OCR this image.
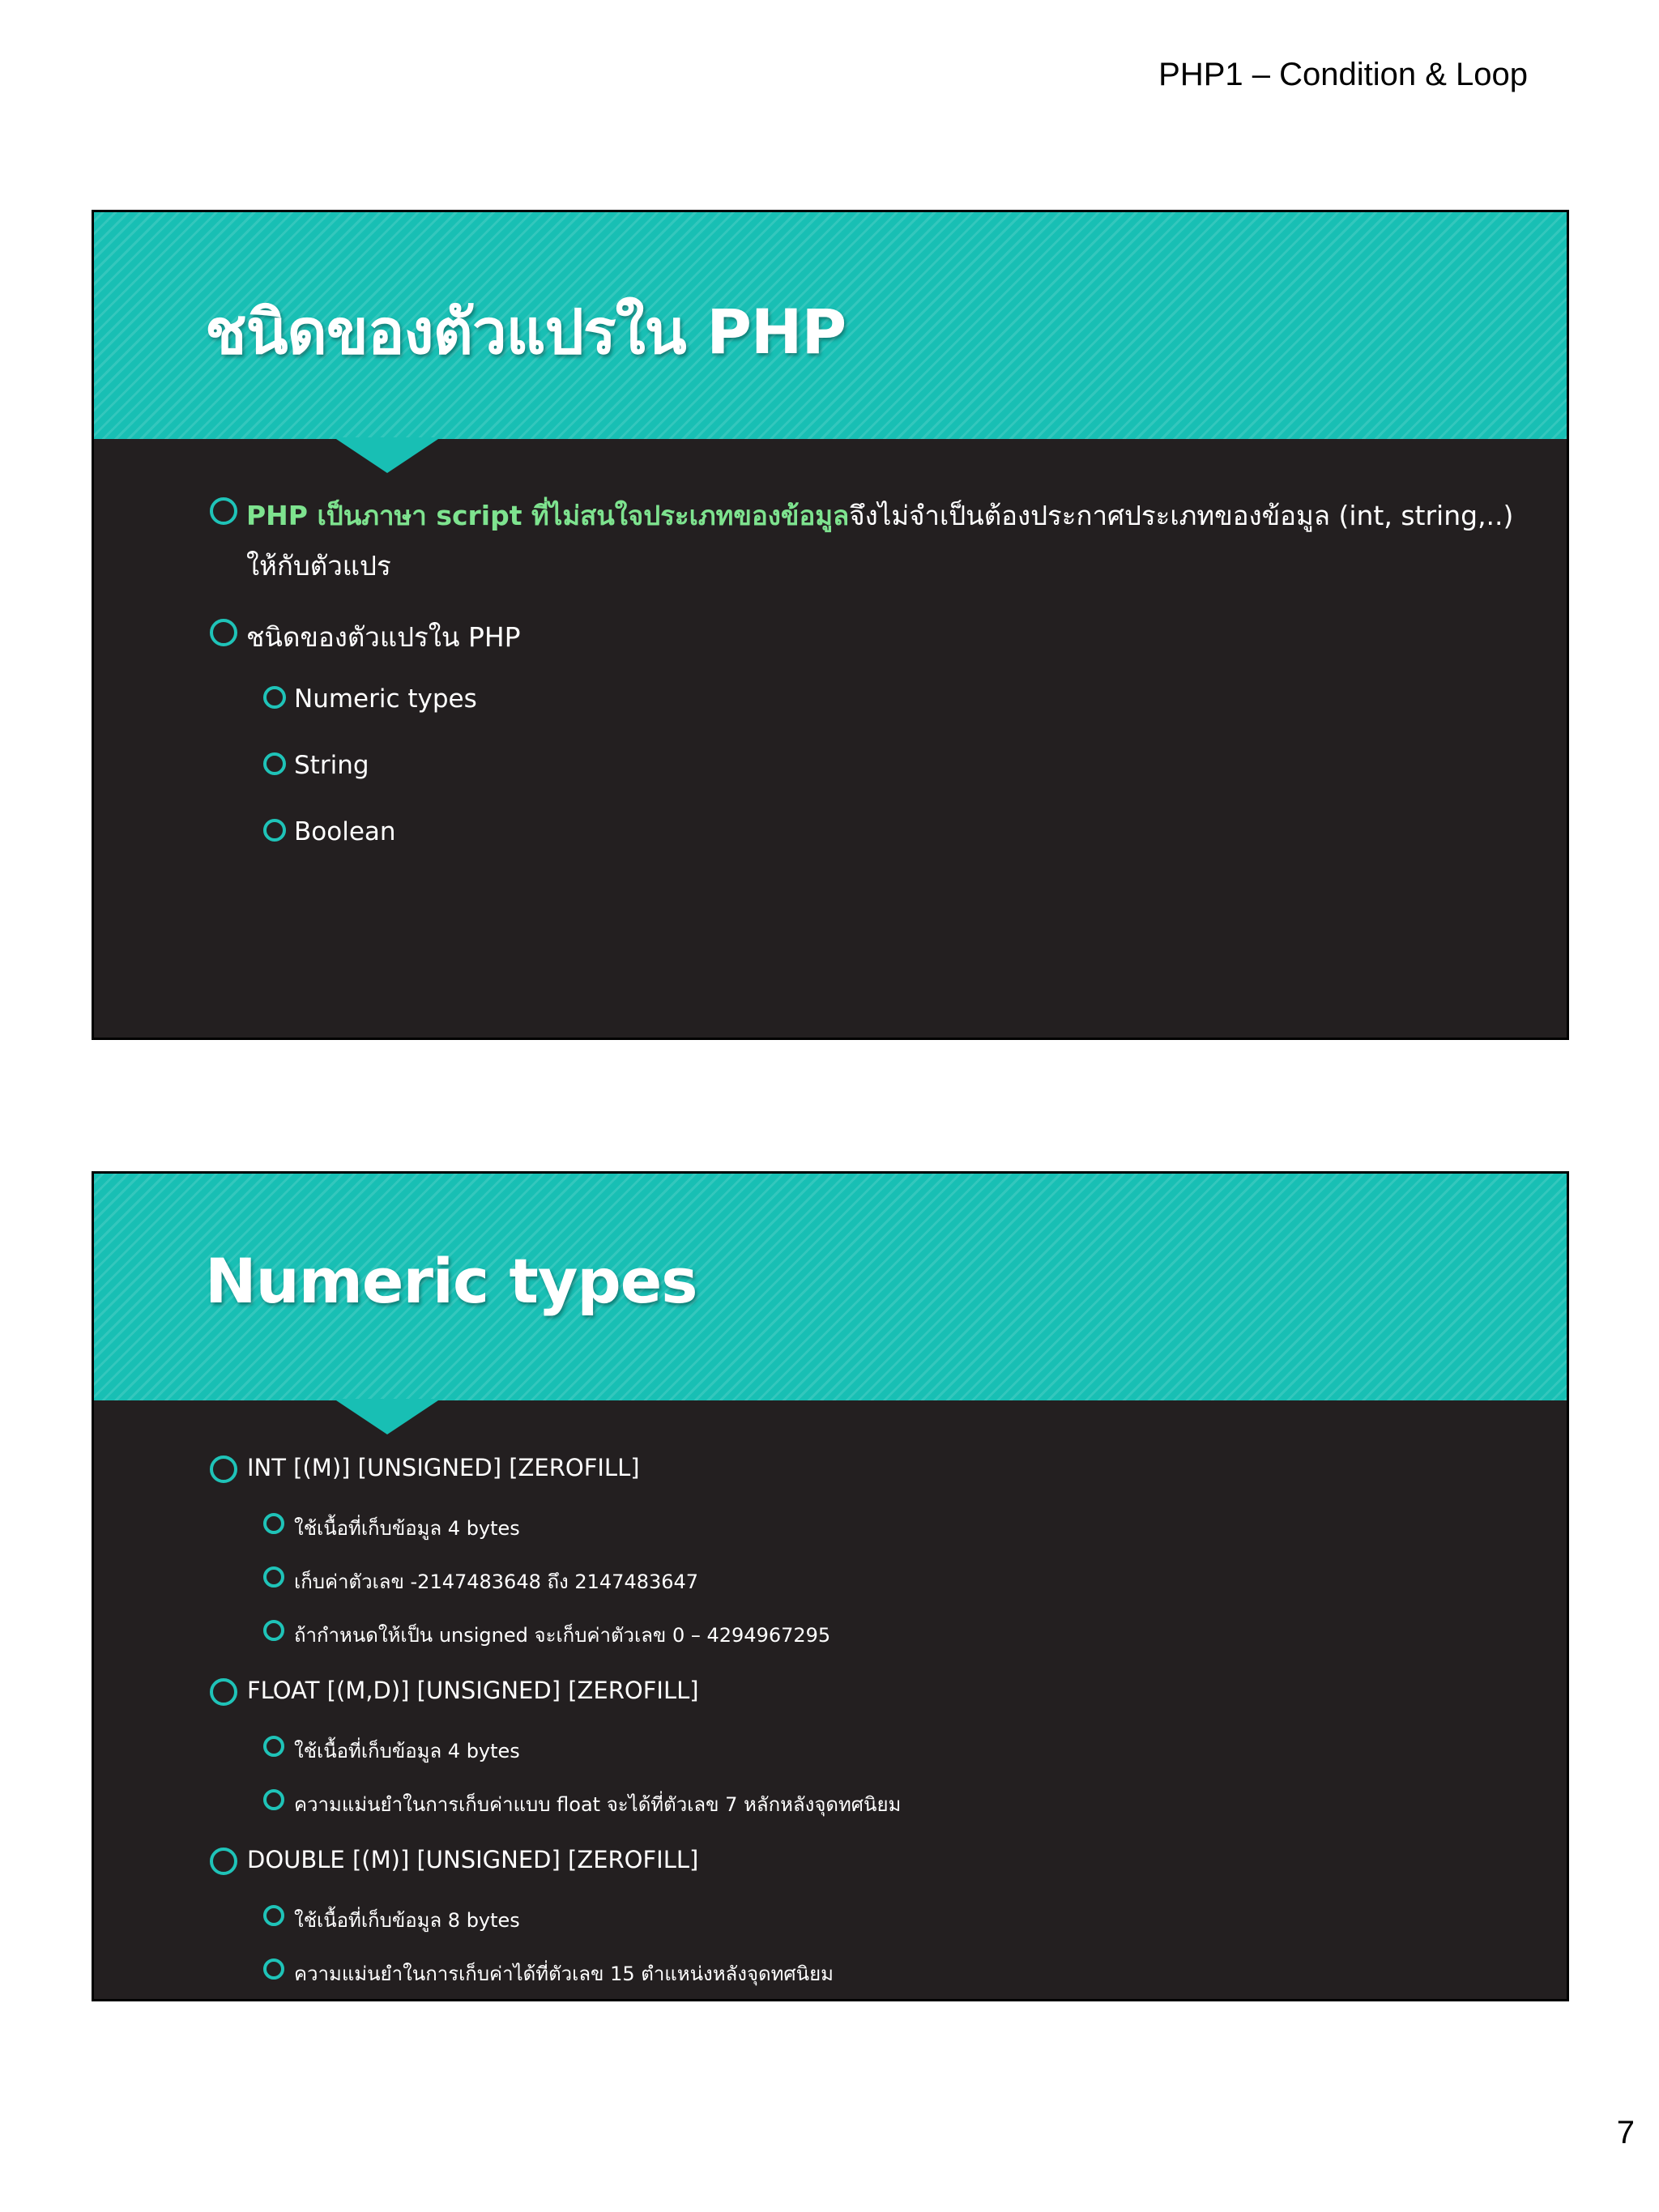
PHP1 – Condition & Loop
ชนิดของตัวแปรใน PHP
PHP เป็นภาษา script ที่ไม่สนใจประเภทของข้อมูลจึงไม่จำเป็นต้องประกาศประเภทของข้อมูล (int, string,..)
ให้กับตัวแปร
ชนิดของตัวแปรใน PHP
Numeric types
String
Boolean
Numeric types
INT [(M)] [UNSIGNED] [ZEROFILL]
ใช้เนื้อที่เก็บข้อมูล 4 bytes
เก็บค่าตัวเลข -2147483648 ถึง 2147483647
ถ้ากำหนดให้เป็น unsigned จะเก็บค่าตัวเลข 0 – 4294967295
FLOAT [(M,D)] [UNSIGNED] [ZEROFILL]
ใช้เนื้อที่เก็บข้อมูล 4 bytes
ความแม่นยำในการเก็บค่าแบบ float จะได้ที่ตัวเลข 7 หลักหลังจุดทศนิยม
DOUBLE [(M)] [UNSIGNED] [ZEROFILL]
ใช้เนื้อที่เก็บข้อมูล 8 bytes
ความแม่นยำในการเก็บค่าได้ที่ตัวเลข 15 ตำแหน่งหลังจุดทศนิยม
7
